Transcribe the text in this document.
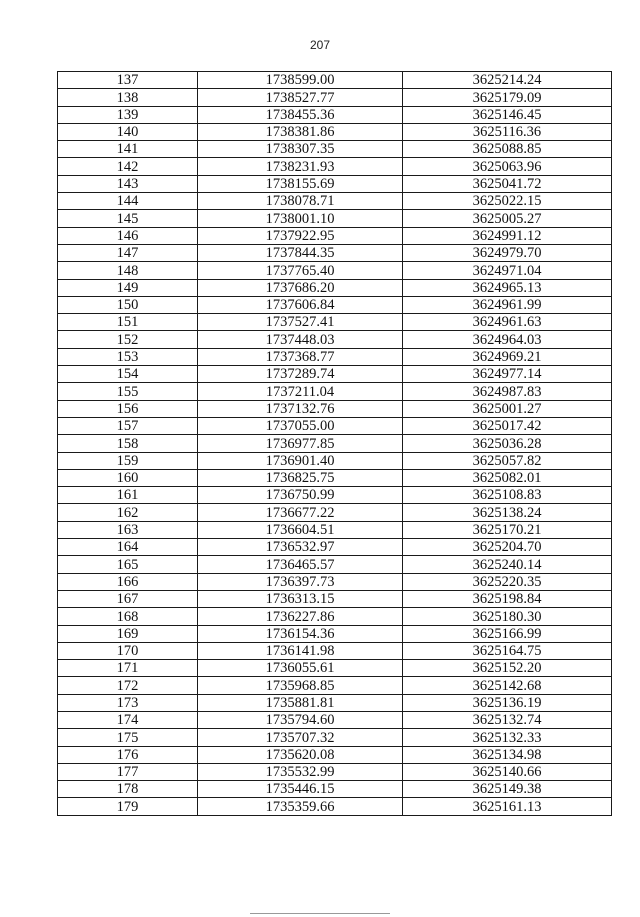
207
137	1738599.00	3625214.24
138	1738527.77	3625179.09
139	1738455.36	3625146.45
140	1738381.86	3625116.36
141	1738307.35	3625088.85
142	1738231.93	3625063.96
143	1738155.69	3625041.72
144	1738078.71	3625022.15
145	1738001.10	3625005.27
146	1737922.95	3624991.12
147	1737844.35	3624979.70
148	1737765.40	3624971.04
149	1737686.20	3624965.13
150	1737606.84	3624961.99
151	1737527.41	3624961.63
152	1737448.03	3624964.03
153	1737368.77	3624969.21
154	1737289.74	3624977.14
155	1737211.04	3624987.83
156	1737132.76	3625001.27
157	1737055.00	3625017.42
158	1736977.85	3625036.28
159	1736901.40	3625057.82
160	1736825.75	3625082.01
161	1736750.99	3625108.83
162	1736677.22	3625138.24
163	1736604.51	3625170.21
164	1736532.97	3625204.70
165	1736465.57	3625240.14
166	1736397.73	3625220.35
167	1736313.15	3625198.84
168	1736227.86	3625180.30
169	1736154.36	3625166.99
170	1736141.98	3625164.75
171	1736055.61	3625152.20
172	1735968.85	3625142.68
173	1735881.81	3625136.19
174	1735794.60	3625132.74
175	1735707.32	3625132.33
176	1735620.08	3625134.98
177	1735532.99	3625140.66
178	1735446.15	3625149.38
179	1735359.66	3625161.13
